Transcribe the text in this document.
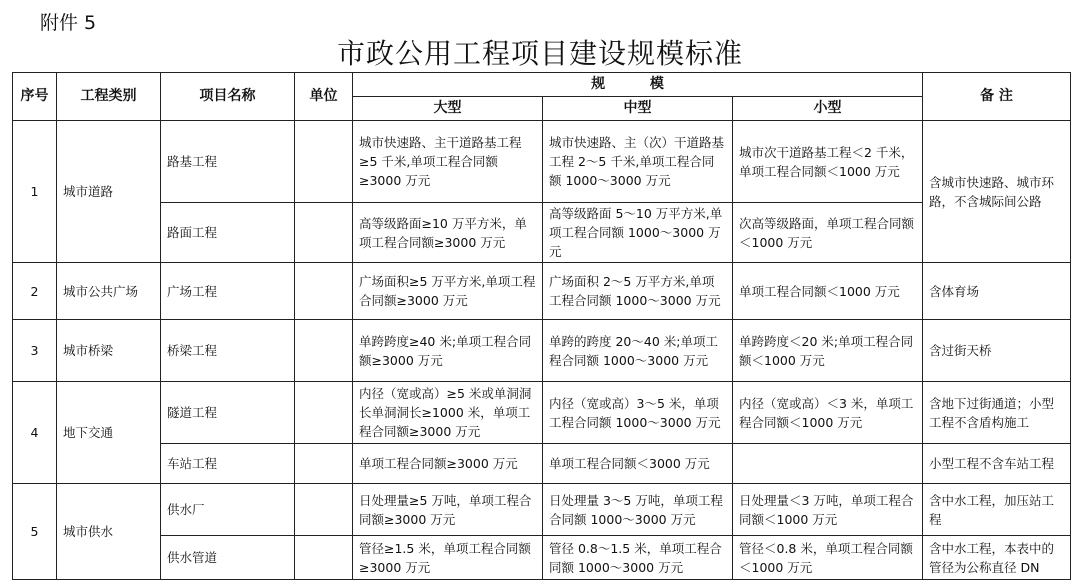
附件 5
市政公用工程项目建设规模标准
序号	工程类别	项目名称	单位	规 模			备 注
				大型	中型	小型	
1	城市道路	路基工程		城市快速路、主干道路基工程≥5 千米,单项工程合同额≥3000 万元	城市快速路、主（次）干道路基工程 2～5 千米,单项工程合同额 1000～3000 万元	城市次干道路基工程＜2 千米，单项工程合同额＜1000 万元	含城市快速路、城市环路，不含城际间公路
		路面工程		高等级路面≥10 万平方米，单项工程合同额≥3000 万元	高等级路面 5～10 万平方米,单项工程合同额 1000～3000 万元	次高等级路面，单项工程合同额＜1000 万元	
2	城市公共广场	广场工程		广场面积≥5 万平方米,单项工程合同额≥3000 万元	广场面积 2～5 万平方米,单项工程合同额 1000～3000 万元	单项工程合同额＜1000 万元	含体育场
3	城市桥梁	桥梁工程		单跨跨度≥40 米;单项工程合同额≥3000 万元	单跨的跨度 20～40 米;单项工程合同额 1000～3000 万元	单跨跨度＜20 米;单项工程合同额＜1000 万元	含过街天桥
4	地下交通	隧道工程		内径（宽或高）≥5 米或单洞洞长单洞洞长≥1000 米，单项工程合同额≥3000 万元	内径（宽或高）3～5 米，单项工程合同额 1000～3000 万元	内径（宽或高）＜3 米，单项工程合同额＜1000 万元	含地下过街通道；小型工程不含盾构施工
		车站工程		单项工程合同额≥3000 万元	单项工程合同额＜3000 万元		小型工程不含车站工程
5	城市供水	供水厂		日处理量≥5 万吨，单项工程合同额≥3000 万元	日处理量 3～5 万吨，单项工程合同额 1000～3000 万元	日处理量＜3 万吨，单项工程合同额＜1000 万元	含中水工程，加压站工程
		供水管道		管径≥1.5 米，单项工程合同额≥3000 万元	管径 0.8～1.5 米，单项工程合同额 1000～3000 万元	管径＜0.8 米，单项工程合同额＜1000 万元	含中水工程，本表中的管径为公称直径 DN
